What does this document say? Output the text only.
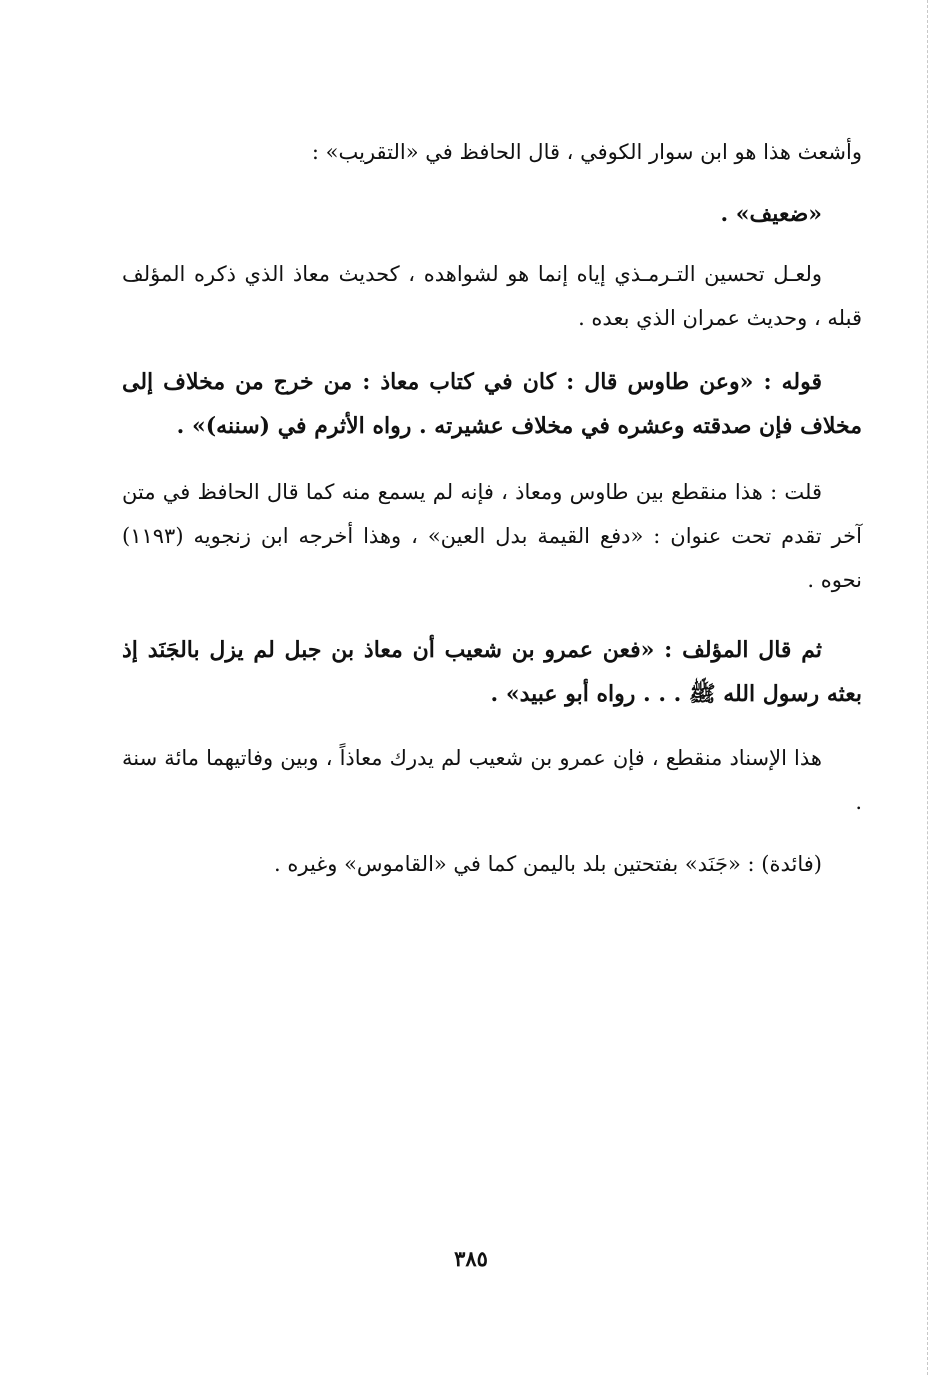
وأشعث هذا هو ابن سوار الكوفي ، قال الحافظ في «التقريب» :

«ضعيف» .

ولعـل تحسين التـرمـذي إياه إنما هو لشواهده ، كحديث معاذ الذي ذكره المؤلف قبله ، وحديث عمران الذي بعده .

قوله : «وعن طاوس قال : كان في كتاب معاذ : من خرج من مخلاف إلى مخلاف فإن صدقته وعشره في مخلاف عشيرته . رواه الأثرم في (سننه)» .

قلت : هذا منقطع بين طاوس ومعاذ ، فإنه لم يسمع منه كما قال الحافظ في متن آخر تقدم تحت عنوان : «دفع القيمة بدل العين» ، وهذا أخرجه ابن زنجويه (١١٩٣) نحوه .

ثم قال المؤلف : «فعن عمرو بن شعيب أن معاذ بن جبل لم يزل بالجَنَد إذ بعثه رسول الله ﷺ . . . رواه أبو عبيد» .

هذا الإسناد منقطع ، فإن عمرو بن شعيب لم يدرك معاذاً ، وبين وفاتيهما مائة سنة .

(فائدة) : «جَنَد» بفتحتين بلد باليمن كما في «القاموس» وغيره .

٣٨٥
